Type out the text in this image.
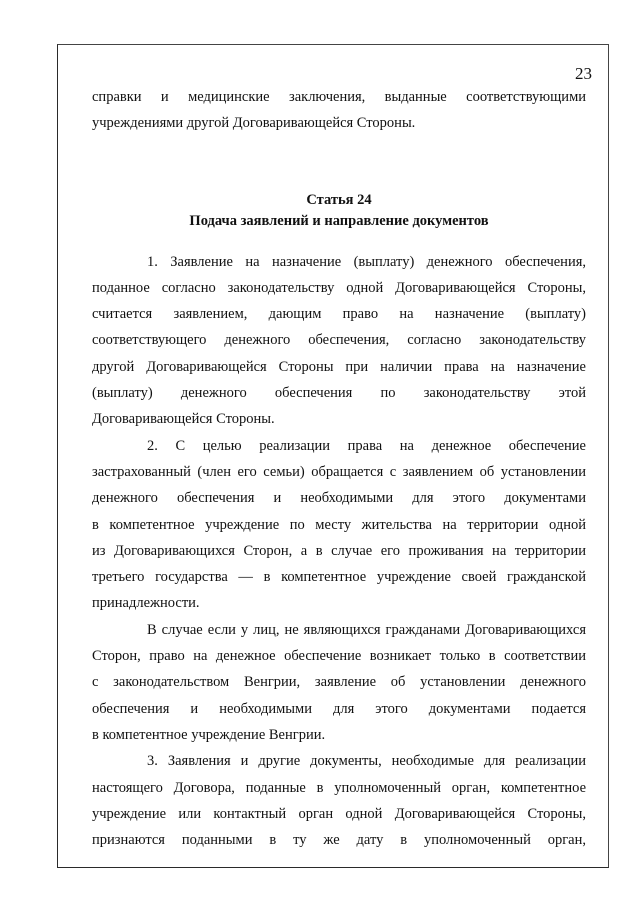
23
справки и медицинские заключения, выданные соответствующими
учреждениями другой Договаривающейся Стороны.
Статья 24
Подача заявлений и направление документов
1. Заявление на назначение (выплату) денежного обеспечения,
поданное согласно законодательству одной Договаривающейся Стороны,
считается заявлением, дающим право на назначение (выплату)
соответствующего денежного обеспечения, согласно законодательству
другой Договаривающейся Стороны при наличии права на назначение
(выплату) денежного обеспечения по законодательству этой
Договаривающейся Стороны.
2. С целью реализации права на денежное обеспечение
застрахованный (член его семьи) обращается с заявлением об установлении
денежного обеспечения и необходимыми для этого документами
в компетентное учреждение по месту жительства на территории одной
из Договаривающихся Сторон, а в случае его проживания на территории
третьего государства — в компетентное учреждение своей гражданской
принадлежности.
В случае если у лиц, не являющихся гражданами Договаривающихся
Сторон, право на денежное обеспечение возникает только в соответствии
с законодательством Венгрии, заявление об установлении денежного
обеспечения и необходимыми для этого документами подается
в компетентное учреждение Венгрии.
3. Заявления и другие документы, необходимые для реализации
настоящего Договора, поданные в уполномоченный орган, компетентное
учреждение или контактный орган одной Договаривающейся Стороны,
признаются поданными в ту же дату в уполномоченный орган,
